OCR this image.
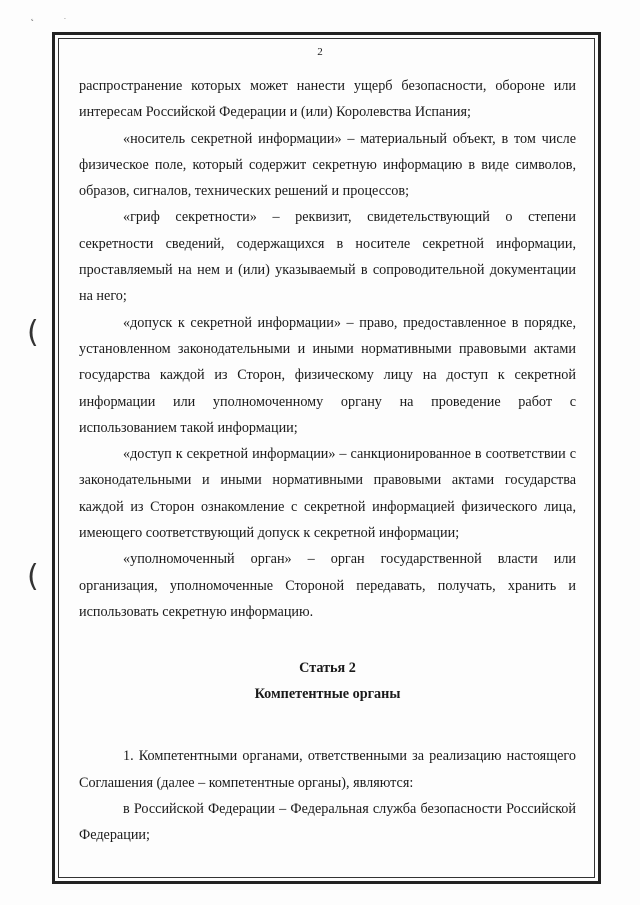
˛	·
(
(
2

распространение которых может нанести ущерб безопасности, обороне или интересам Российской Федерации и (или) Королевства Испания;

«носитель секретной информации» – материальный объект, в том числе физическое поле, который содержит секретную информацию в виде символов, образов, сигналов, технических решений и процессов;

«гриф секретности» – реквизит, свидетельствующий о степени секретности сведений, содержащихся в носителе секретной информации, проставляемый на нем и (или) указываемый в сопроводительной документации на него;

«допуск к секретной информации» – право, предоставленное в порядке, установленном законодательными и иными нормативными правовыми актами государства каждой из Сторон, физическому лицу на доступ к секретной информации или уполномоченному органу на проведение работ с использованием такой информации;

«доступ к секретной информации» – санкционированное в соответствии с законодательными и иными нормативными правовыми актами государства каждой из Сторон ознакомление с секретной информацией физического лица, имеющего соответствующий допуск к секретной информации;

«уполномоченный орган» – орган государственной власти или организация, уполномоченные Стороной передавать, получать, хранить и использовать секретную информацию.

Статья 2

Компетентные органы

1. Компетентными органами, ответственными за реализацию настоящего Соглашения (далее – компетентные органы), являются:

в Российской Федерации – Федеральная служба безопасности Российской Федерации;
